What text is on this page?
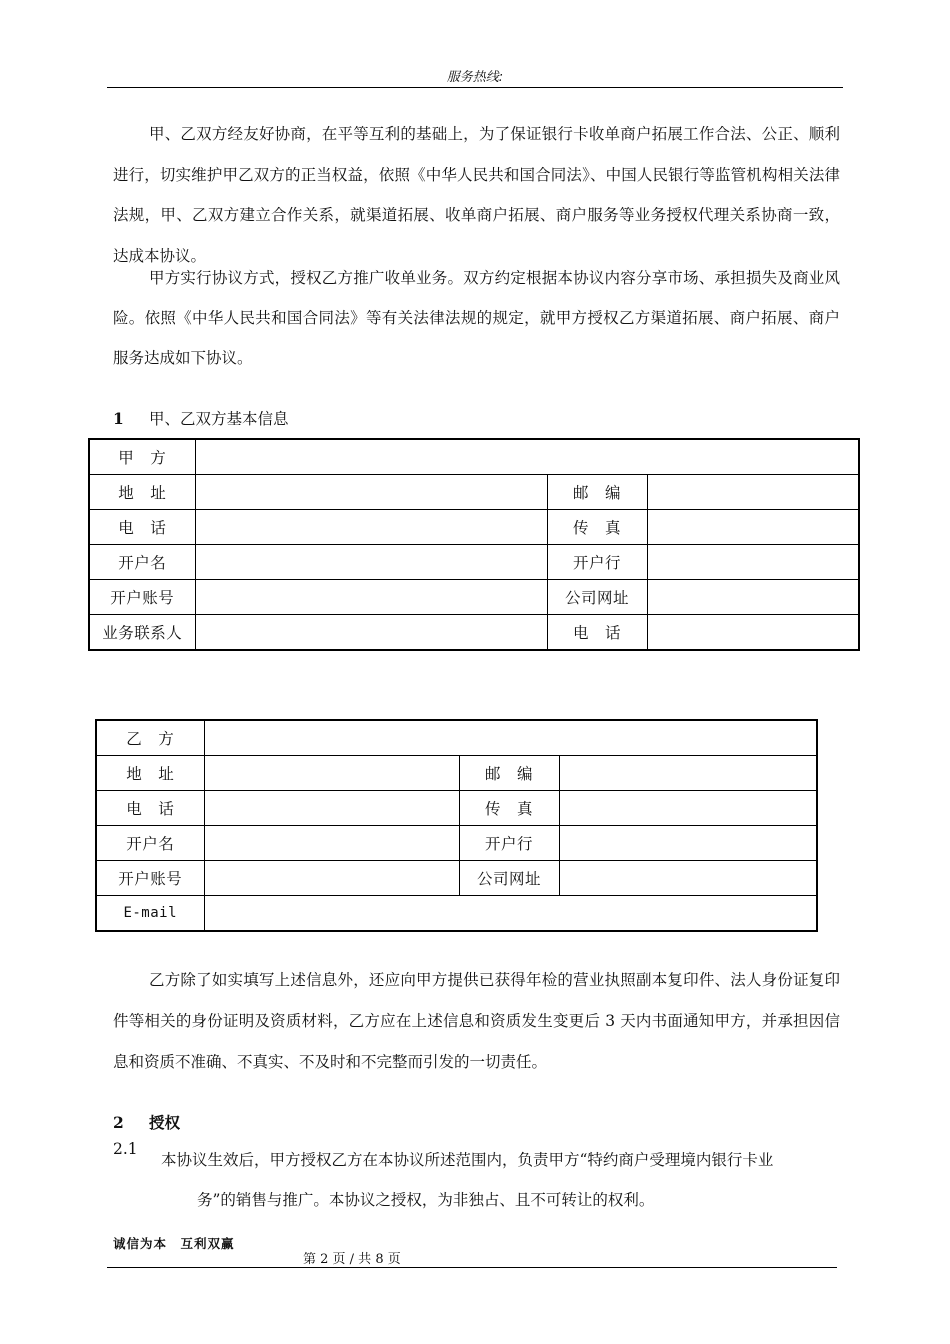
服务热线:
甲、乙双方经友好协商，在平等互利的基础上，为了保证银行卡收单商户拓展工作合法、公正、顺利进行，切实维护甲乙双方的正当权益，依照《中华人民共和国合同法》、中国人民银行等监管机构相关法律法规，甲、乙双方建立合作关系，就渠道拓展、收单商户拓展、商户服务等业务授权代理关系协商一致，达成本协议。
甲方实行协议方式，授权乙方推广收单业务。双方约定根据本协议内容分享市场、承担损失及商业风险。依照《中华人民共和国合同法》等有关法律法规的规定，就甲方授权乙方渠道拓展、商户拓展、商户服务达成如下协议。
1 甲、乙双方基本信息
甲　方			
地　址		邮　编	
电　话		传　真	
开户名		开户行	
开户账号		公司网址	
业务联系人		电　话	
乙　方			
地　址		邮　编	
电　话		传　真	
开户名		开户行	
开户账号		公司网址	
E-mail			
乙方除了如实填写上述信息外，还应向甲方提供已获得年检的营业执照副本复印件、法人身份证复印件等相关的身份证明及资质材料，乙方应在上述信息和资质发生变更后 3 天内书面通知甲方，并承担因信息和资质不准确、不真实、不及时和不完整而引发的一切责任。
2 授权
2.1
本协议生效后，甲方授权乙方在本协议所述范围内，负责甲方“特约商户受理境内银行卡业
务”的销售与推广。本协议之授权，为非独占、且不可转让的权利。
诚信为本　互利双赢
第 2 页 / 共 8 页
